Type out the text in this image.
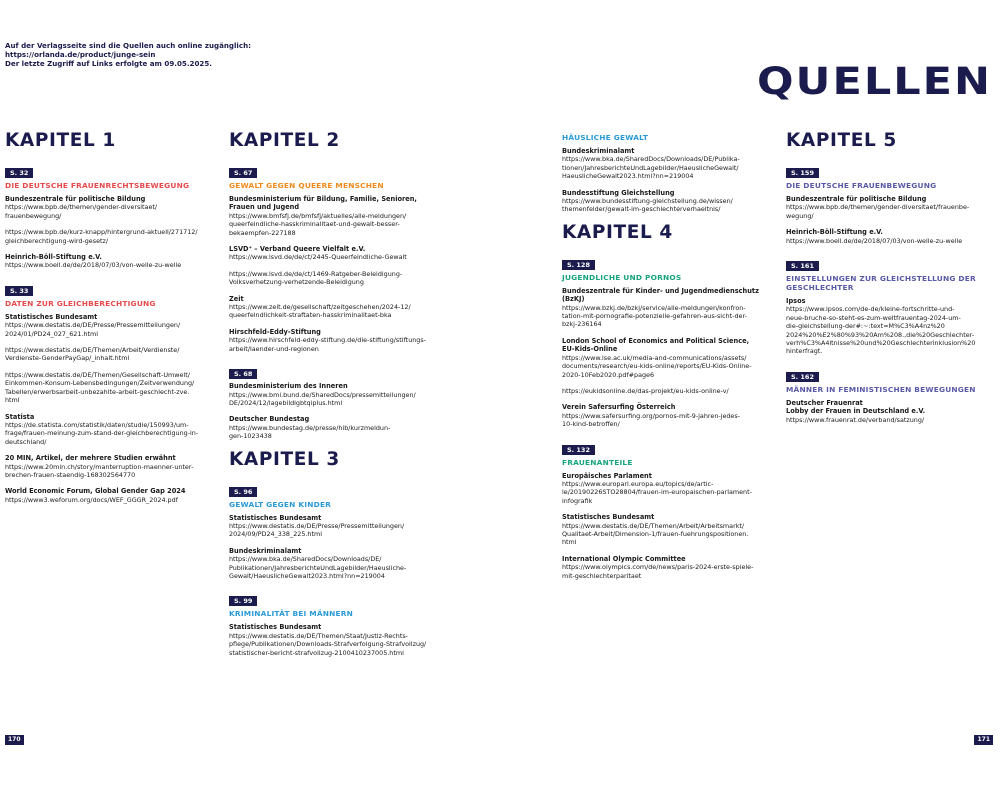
Auf der Verlagsseite sind die Quellen auch online zugänglich:
https://orlanda.de/product/junge-sein
Der letzte Zugriff auf Links erfolgte am 09.05.2025.	QUELLEN
KAPITEL 1
S. 32
DIE DEUTSCHE FRAUENRECHTSBEWEGUNG
Bundeszentrale für politische Bildung
https://www.bpb.de/themen/gender-diversitaet/
frauenbewegung/
https://www.bpb.de/kurz-knapp/hintergrund-aktuell/271712/
gleichberechtigung-wird-gesetz/
Heinrich-Böll-Stiftung e.V.
https://www.boell.de/de/2018/07/03/von-welle-zu-welle
S. 33
DATEN ZUR GLEICHBERECHTIGUNG
Statistisches Bundesamt
https://www.destatis.de/DE/Presse/Pressemitteilungen/
2024/01/PD24_027_621.html
https://www.destatis.de/DE/Themen/Arbeit/Verdienste/
Verdienste-GenderPayGap/_inhalt.html
https://www.destatis.de/DE/Themen/Gesellschaft-Umwelt/
Einkommen-Konsum-Lebensbedingungen/Zeitverwendung/
Tabellen/erwerbsarbeit-unbezahlte-arbeit-geschlecht-zve.
html
Statista
https://de.statista.com/statistik/daten/studie/150993/um-
frage/frauen-meinung-zum-stand-der-gleichberechtigung-in-
deutschland/
20 MIN, Artikel, der mehrere Studien erwähnt
https://www.20min.ch/story/manterruption-maenner-unter-
brechen-frauen-staendig-168302564770
World Economic Forum, Global Gender Gap 2024
https://www3.weforum.org/docs/WEF_GGGR_2024.pdf
KAPITEL 2
S. 67
GEWALT GEGEN QUEERE MENSCHEN
Bundesministerium für Bildung, Familie, Senioren,
Frauen und Jugend
https://www.bmfsfj.de/bmfsfj/aktuelles/alle-meldungen/
queerfeindliche-hasskriminalitaet-und-gewalt-besser-
bekaempfen-227188
LSVD⁺ – Verband Queere Vielfalt e.V.
https://www.lsvd.de/de/ct/2445-Queerfeindliche-Gewalt
https://www.lsvd.de/de/ct/1469-Ratgeber-Beleidigung-
Volksverhetzung-verhetzende-Beleidigung
Zeit
https://www.zeit.de/gesellschaft/zeitgeschehen/2024-12/
queerfeindlichkeit-straftaten-hasskriminalitaet-bka
Hirschfeld-Eddy-Stiftung
https://www.hirschfeld-eddy-stiftung.de/die-stiftung/stiftungs-
arbeit/laender-und-regionen
S. 68
Bundesministerium des Inneren
https://www.bmi.bund.de/SharedDocs/pressemitteilungen/
DE/2024/12/lagebildlgbtqiplus.html
Deutscher Bundestag
https://www.bundestag.de/presse/hib/kurzmeldun-
gen-1023438
KAPITEL 3
S. 96
GEWALT GEGEN KINDER
Statistisches Bundesamt
https://www.destatis.de/DE/Presse/Pressemitteilungen/
2024/09/PD24_338_225.html
Bundeskriminalamt
https://www.bka.de/SharedDocs/Downloads/DE/
Publikationen/JahresberichteUndLagebilder/Haeusliche-
Gewalt/HaeuslicheGewalt2023.html?nn=219004
S. 99
KRIMINALITÄT BEI MÄNNERN
Statistisches Bundesamt
https://www.destatis.de/DE/Themen/Staat/Justiz-Rechts-
pflege/Publikationen/Downloads-Strafverfolgung-Strafvollzug/
statistischer-bericht-strafvollzug-2100410237005.html
HÄUSLICHE GEWALT
Bundeskriminalamt
https://www.bka.de/SharedDocs/Downloads/DE/Publika-
tionen/JahresberichteUndLagebilder/HaeuslicheGewalt/
HaeuslicheGewalt2023.html?nn=219004
Bundesstiftung Gleichstellung
https://www.bundesstiftung-gleichstellung.de/wissen/
themenfelder/gewalt-im-geschlechterverhaeltnis/
KAPITEL 4
S. 128
JUGENDLICHE UND PORNOS
Bundeszentrale für Kinder- und Jugendmedienschutz
(BzKJ)
https://www.bzkj.de/bzkj/service/alle-meldungen/konfron-
tation-mit-pornografie-potenzielle-gefahren-aus-sicht-der-
bzkj-236164
London School of Economics and Political Science,
EU-Kids-Online
https://www.lse.ac.uk/media-and-communications/assets/
documents/research/eu-kids-online/reports/EU-Kids-Online-
2020-10Feb2020.pdf#page6
https://eukidsonline.de/das-projekt/eu-kids-online-v/
Verein Safersurfing Österreich
https://www.safersurfing.org/pornos-mit-9-jahren-jedes-
10-kind-betroffen/
S. 132
FRAUENANTEILE
Europäisches Parlament
https://www.europarl.europa.eu/topics/de/artic-
le/20190226STO28804/frauen-im-europaischen-parlament-
infografik
Statistisches Bundesamt
https://www.destatis.de/DE/Themen/Arbeit/Arbeitsmarkt/
Qualitaet-Arbeit/Dimension-1/frauen-fuehrungspositionen.
html
International Olympic Committee
https://www.olympics.com/de/news/paris-2024-erste-spiele-
mit-geschlechterparitaet
KAPITEL 5
S. 159
DIE DEUTSCHE FRAUENBEWEGUNG
Bundeszentrale für politische Bildung
https://www.bpb.de/themen/gender-diversitaet/frauenbe-
wegung/
Heinrich-Böll-Stiftung e.V.
https://www.boell.de/de/2018/07/03/von-welle-zu-welle
S. 161
EINSTELLUNGEN ZUR GLEICHSTELLUNG DER
GESCHLECHTER
Ipsos
https://www.ipsos.com/de-de/kleine-fortschritte-und-
neue-bruche-so-steht-es-zum-weltfrauentag-2024-um-
die-gleichstellung-der#:~:text=M%C3%A4nz%20
2024%20%E2%80%93%20Am%208.,die%20Geschlechter-
verh%C3%A4ltnisse%20und%20Geschlechterinklusion%20
hinterfragt.
S. 162
MÄNNER IN FEMINISTISCHEN BEWEGUNGEN
Deutscher Frauenrat
Lobby der Frauen in Deutschland e.V.
https://www.frauenrat.de/verband/satzung/
170	171
